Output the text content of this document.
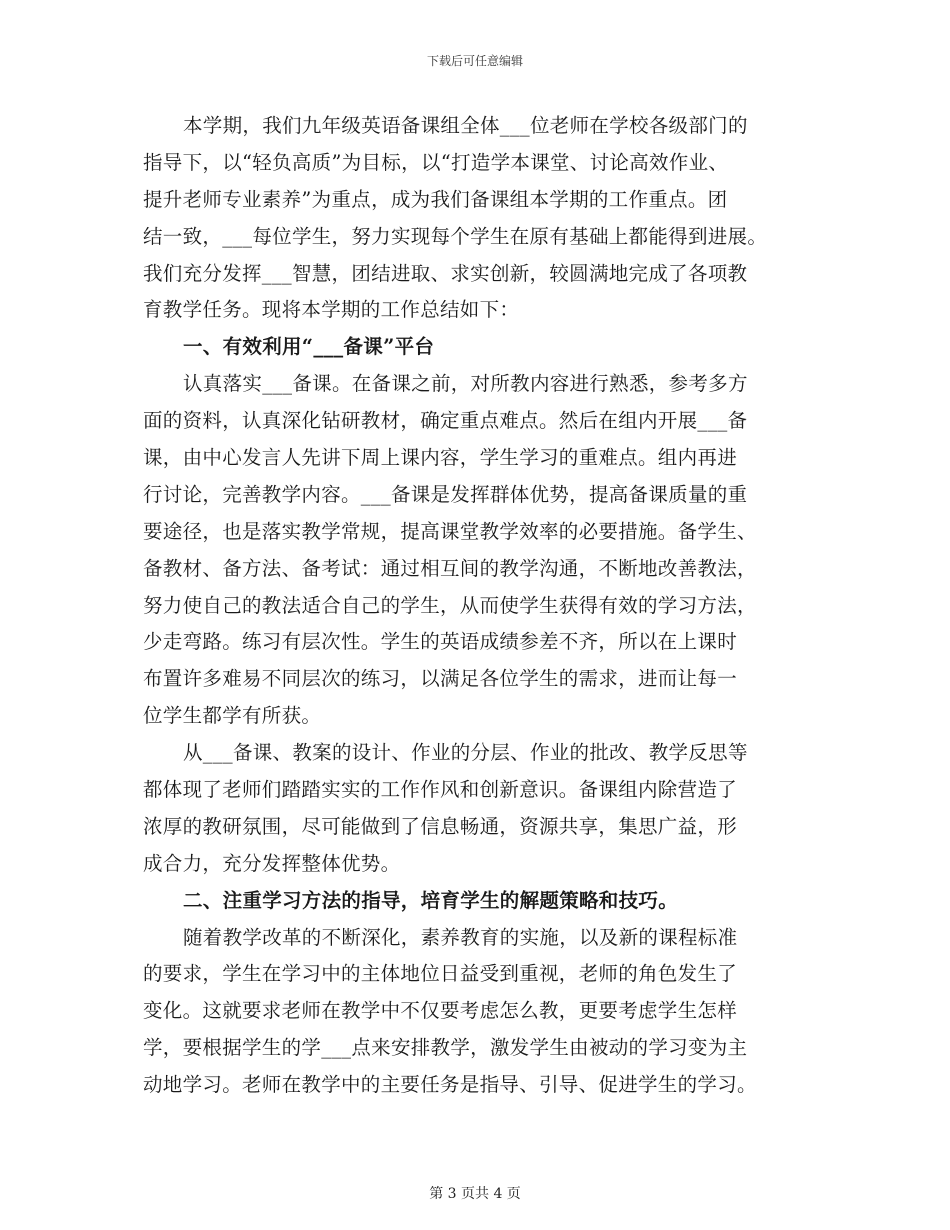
下载后可任意编辑
本学期，我们九年级英语备课组全体___位老师在学校各级部门的
指导下，以“轻负高质”为目标，以“打造学本课堂、讨论高效作业、
提升老师专业素养”为重点，成为我们备课组本学期的工作重点。团
结一致，___每位学生，努力实现每个学生在原有基础上都能得到进展。
我们充分发挥___智慧，团结进取、求实创新，较圆满地完成了各项教
育教学任务。现将本学期的工作总结如下：
一、有效利用“___备课”平台
认真落实___备课。在备课之前，对所教内容进行熟悉，参考多方
面的资料，认真深化钻研教材，确定重点难点。然后在组内开展___备
课，由中心发言人先讲下周上课内容，学生学习的重难点。组内再进
行讨论，完善教学内容。___备课是发挥群体优势，提高备课质量的重
要途径，也是落实教学常规，提高课堂教学效率的必要措施。备学生、
备教材、备方法、备考试：通过相互间的教学沟通，不断地改善教法，
努力使自己的教法适合自己的学生，从而使学生获得有效的学习方法，
少走弯路。练习有层次性。学生的英语成绩参差不齐，所以在上课时
布置许多难易不同层次的练习，以满足各位学生的需求，进而让每一
位学生都学有所获。
从___备课、教案的设计、作业的分层、作业的批改、教学反思等
都体现了老师们踏踏实实的工作作风和创新意识。备课组内除营造了
浓厚的教研氛围，尽可能做到了信息畅通，资源共享，集思广益，形
成合力，充分发挥整体优势。
二、注重学习方法的指导，培育学生的解题策略和技巧。
随着教学改革的不断深化，素养教育的实施，以及新的课程标准
的要求，学生在学习中的主体地位日益受到重视，老师的角色发生了
变化。这就要求老师在教学中不仅要考虑怎么教，更要考虑学生怎样
学，要根据学生的学___点来安排教学，激发学生由被动的学习变为主
动地学习。老师在教学中的主要任务是指导、引导、促进学生的学习。
第 3 页共 4 页
